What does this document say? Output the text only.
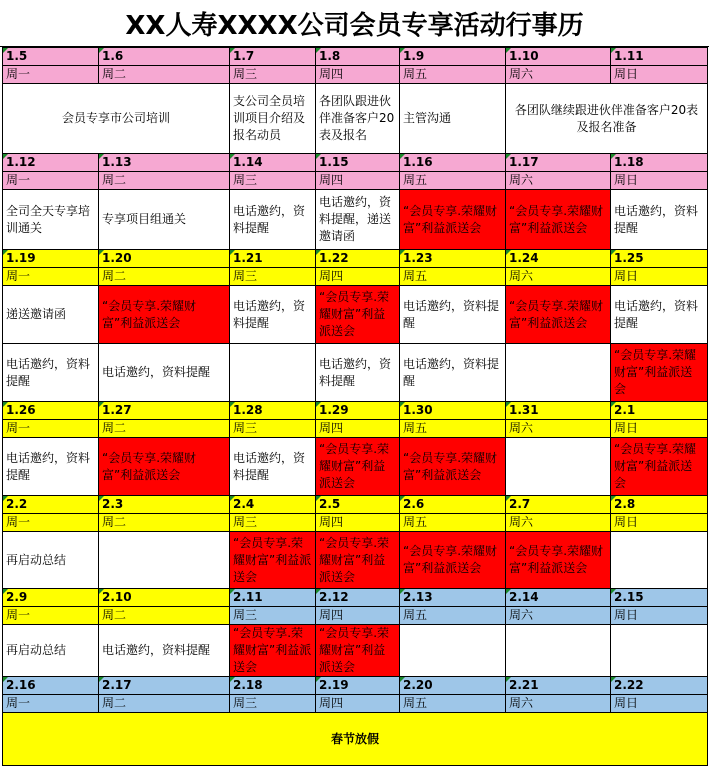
XX人寿XXXX公司会员专享活动行事历
1.5	1.6	1.7	1.8	1.9	1.10	1.11
周一	周二	周三	周四	周五	周六	周日
会员专享市公司培训		支公司全员培训项目介绍及报名动员	各团队跟进伙伴准备客户20表及报名	主管沟通	各团队继续跟进伙伴准备客户20表及报名准备	
1.12	1.13	1.14	1.15	1.16	1.17	1.18
周一	周二	周三	周四	周五	周六	周日
全司全天专享培训通关	专享项目组通关	电话邀约，资料提醒	电话邀约，资料提醒，递送邀请函	“会员专享.荣耀财富”利益派送会	“会员专享.荣耀财富”利益派送会	电话邀约，资料提醒
1.19	1.20	1.21	1.22	1.23	1.24	1.25
周一	周二	周三	周四	周五	周六	周日
递送邀请函	“会员专享.荣耀财富”利益派送会	电话邀约，资料提醒	“会员专享.荣耀财富”利益派送会	电话邀约，资料提醒	“会员专享.荣耀财富”利益派送会	电话邀约，资料提醒
电话邀约，资料提醒	电话邀约，资料提醒		电话邀约，资料提醒	电话邀约，资料提醒		“会员专享.荣耀财富”利益派送会
1.26	1.27	1.28	1.29	1.30	1.31	2.1
周一	周二	周三	周四	周五	周六	周日
电话邀约，资料提醒	“会员专享.荣耀财富”利益派送会	电话邀约，资料提醒	“会员专享.荣耀财富”利益派送会	“会员专享.荣耀财富”利益派送会		“会员专享.荣耀财富”利益派送会
2.2	2.3	2.4	2.5	2.6	2.7	2.8
周一	周二	周三	周四	周五	周六	周日
再启动总结		“会员专享.荣耀财富”利益派送会	“会员专享.荣耀财富”利益派送会	“会员专享.荣耀财富”利益派送会	“会员专享.荣耀财富”利益派送会	
2.9	2.10	2.11	2.12	2.13	2.14	2.15
周一	周二	周三	周四	周五	周六	周日
再启动总结	电话邀约，资料提醒	“会员专享.荣耀财富”利益派送会	“会员专享.荣耀财富”利益派送会			
2.16	2.17	2.18	2.19	2.20	2.21	2.22
周一	周二	周三	周四	周五	周六	周日
春节放假						
